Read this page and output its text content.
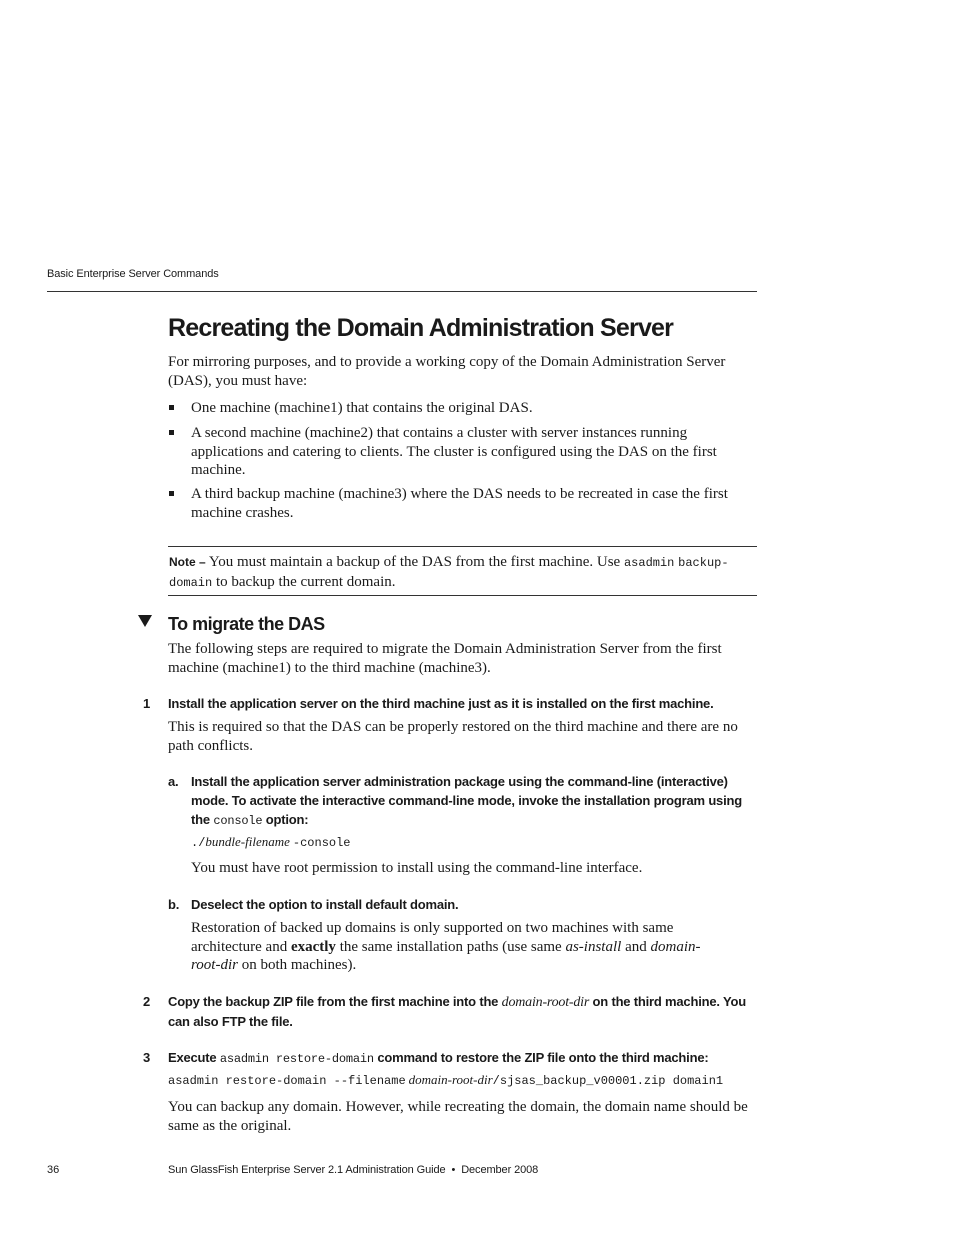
Basic Enterprise Server Commands
Recreating the Domain Administration Server
For mirroring purposes, and to provide a working copy of the Domain Administration Server (DAS), you must have:
One machine (machine1) that contains the original DAS.
A second machine (machine2) that contains a cluster with server instances running applications and catering to clients. The cluster is configured using the DAS on the first machine.
A third backup machine (machine3) where the DAS needs to be recreated in case the first machine crashes.
Note – You must maintain a backup of the DAS from the first machine. Use asadmin backup-domain to backup the current domain.
To migrate the DAS
The following steps are required to migrate the Domain Administration Server from the first machine (machine1) to the third machine (machine3).
1 Install the application server on the third machine just as it is installed on the first machine.
This is required so that the DAS can be properly restored on the third machine and there are no path conflicts.
a. Install the application server administration package using the command-line (interactive) mode. To activate the interactive command-line mode, invoke the installation program using the console option:
./bundle-filename -console
You must have root permission to install using the command-line interface.
b. Deselect the option to install default domain.
Restoration of backed up domains is only supported on two machines with same architecture and exactly the same installation paths (use same as-install and domain-root-dir on both machines).
2 Copy the backup ZIP file from the first machine into the domain-root-dir on the third machine. You can also FTP the file.
3 Execute asadmin restore-domain command to restore the ZIP file onto the third machine:
asadmin restore-domain --filename domain-root-dir/sjsas_backup_v00001.zip domain1
You can backup any domain. However, while recreating the domain, the domain name should be same as the original.
36	Sun GlassFish Enterprise Server 2.1 Administration Guide • December 2008
